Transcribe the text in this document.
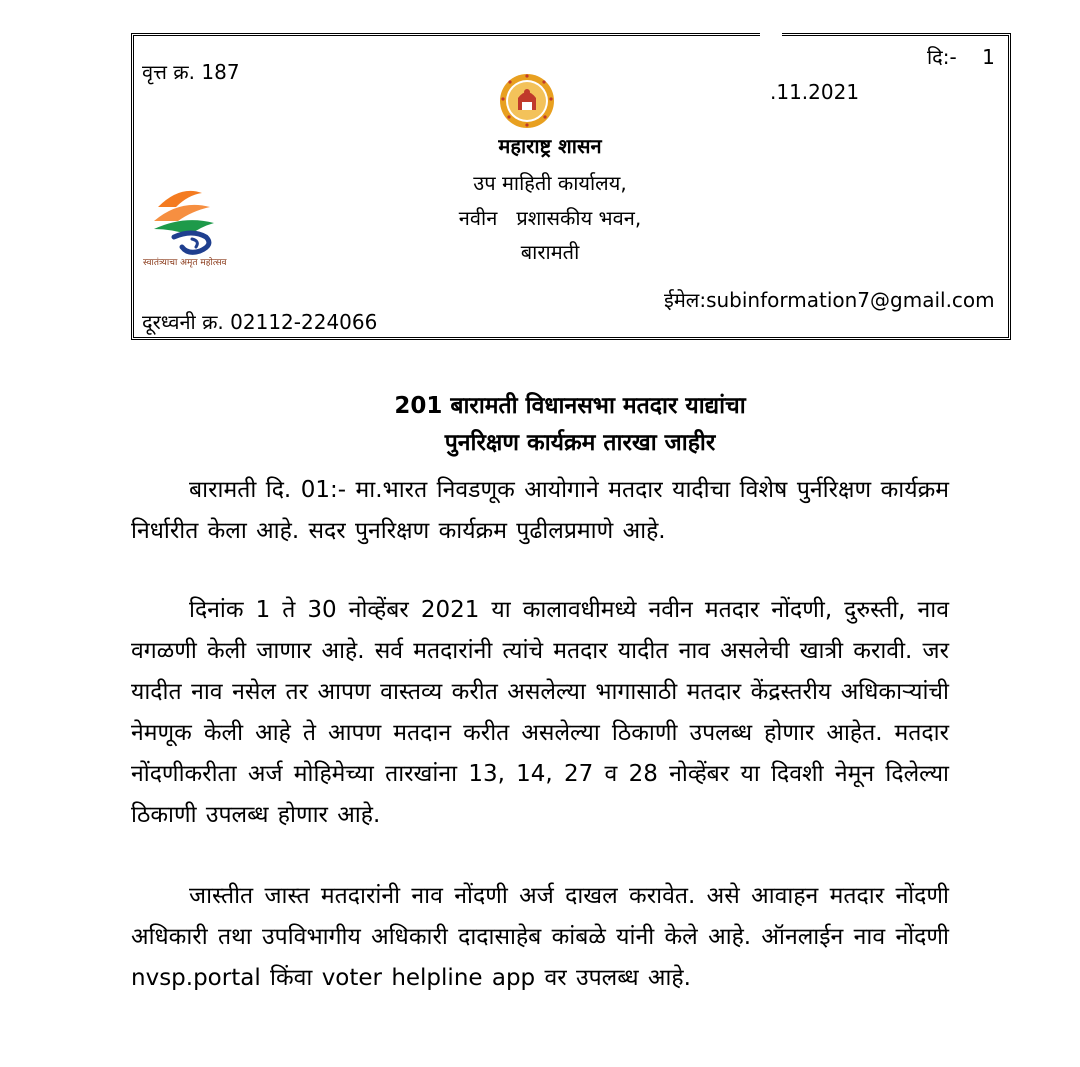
वृत्त क्र. 187
दि:-    1
.11.2021
महाराष्ट्र शासन
उप माहिती कार्यालय,
नवीन   प्रशासकीय भवन,
बारामती
स्वातंत्र्याचा अमृत महोत्सव
ईमेल:subinformation7@gmail.com
दूरध्वनी क्र. 02112-224066
201 बारामती विधानसभा मतदार याद्यांचा
पुनरिक्षण कार्यक्रम तारखा जाहीर
बारामती दि. 01:- मा.भारत निवडणूक आयोगाने मतदार यादीचा विशेष पुर्नरिक्षण कार्यक्रम निर्धारीत केला आहे. सदर पुनरिक्षण कार्यक्रम पुढीलप्रमाणे आहे.
दिनांक 1 ते 30 नोव्हेंबर 2021 या कालावधीमध्ये नवीन मतदार नोंदणी, दुरुस्ती, नाव वगळणी केली जाणार आहे. सर्व मतदारांनी त्यांचे मतदार यादीत नाव असलेची खात्री करावी. जर यादीत नाव नसेल तर आपण वास्तव्य करीत असलेल्या भागासाठी मतदार केंद्रस्तरीय अधिकाऱ्यांची नेमणूक केली आहे ते आपण मतदान करीत असलेल्या ठिकाणी उपलब्ध होणार आहेत. मतदार नोंदणीकरीता अर्ज मोहिमेच्या तारखांना 13, 14, 27 व 28 नोव्हेंबर या दिवशी नेमून दिलेल्या ठिकाणी उपलब्ध होणार आहे.
जास्तीत जास्त मतदारांनी नाव नोंदणी अर्ज दाखल करावेत. असे आवाहन मतदार नोंदणी अधिकारी तथा उपविभागीय अधिकारी दादासाहेब कांबळे यांनी केले आहे. ऑनलाईन नाव नोंदणी nvsp.portal किंवा voter helpline app वर उपलब्ध आहे.
